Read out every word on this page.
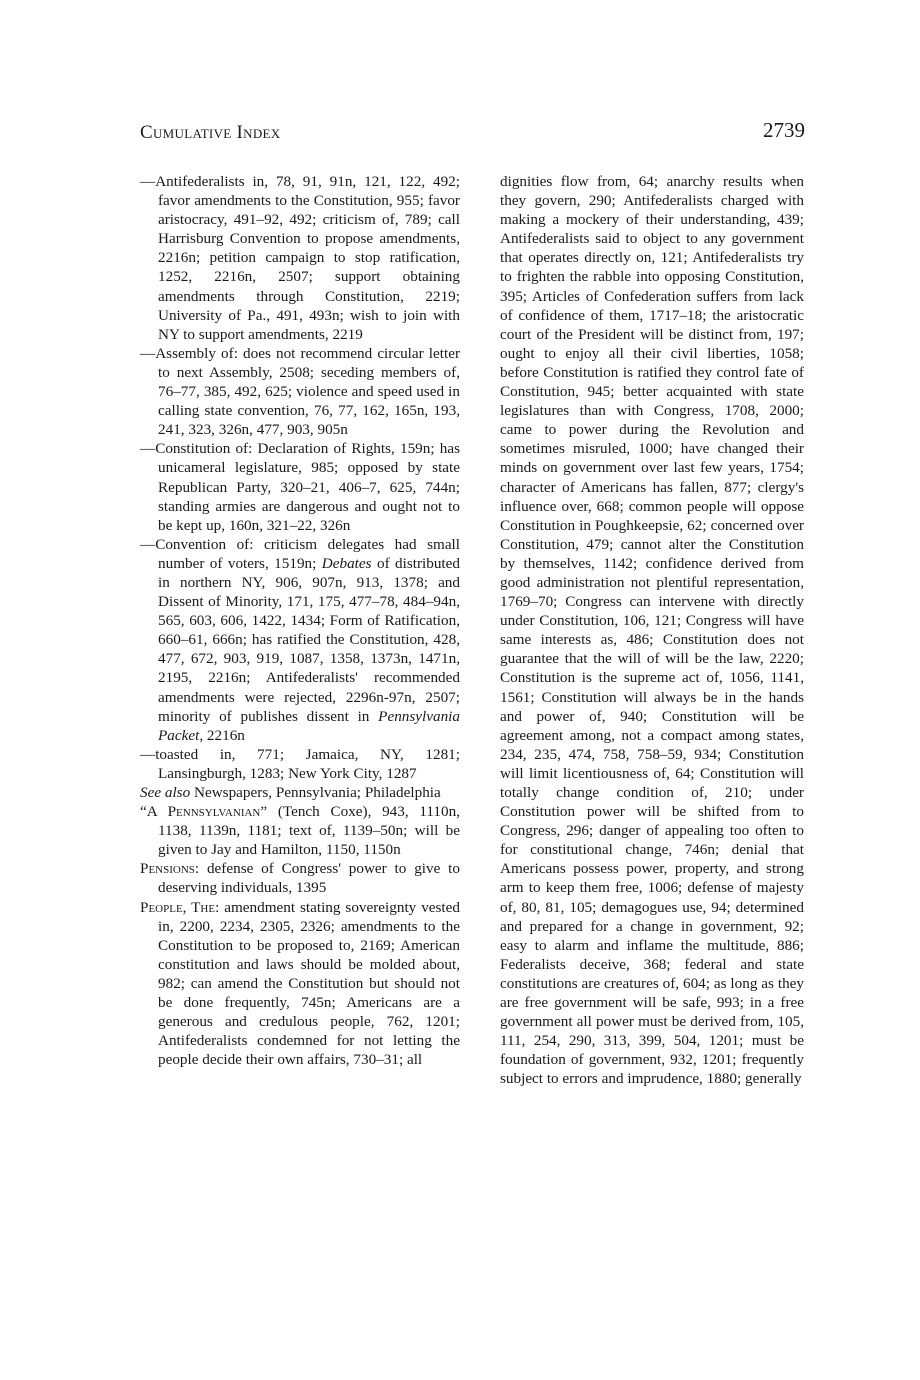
Cumulative Index	2739

—Antifederalists in, 78, 91, 91n, 121, 122, 492; favor amendments to the Constitution, 955; favor aristocracy, 491–92, 492; criticism of, 789; call Harrisburg Convention to propose amendments, 2216n; petition campaign to stop ratification, 1252, 2216n, 2507; support obtaining amendments through Constitution, 2219; University of Pa., 491, 493n; wish to join with NY to support amendments, 2219

—Assembly of: does not recommend circular letter to next Assembly, 2508; seceding members of, 76–77, 385, 492, 625; violence and speed used in calling state convention, 76, 77, 162, 165n, 193, 241, 323, 326n, 477, 903, 905n

—Constitution of: Declaration of Rights, 159n; has unicameral legislature, 985; opposed by state Republican Party, 320–21, 406–7, 625, 744n; standing armies are dangerous and ought not to be kept up, 160n, 321–22, 326n

—Convention of: criticism delegates had small number of voters, 1519n; Debates of distributed in northern NY, 906, 907n, 913, 1378; and Dissent of Minority, 171, 175, 477–78, 484–94n, 565, 603, 606, 1422, 1434; Form of Ratification, 660–61, 666n; has ratified the Constitution, 428, 477, 672, 903, 919, 1087, 1358, 1373n, 1471n, 2195, 2216n; Antifederalists' recommended amendments were rejected, 2296n-97n, 2507; minority of publishes dissent in Pennsylvania Packet, 2216n

—toasted in, 771; Jamaica, NY, 1281; Lansingburgh, 1283; New York City, 1287

See also Newspapers, Pennsylvania; Philadelphia

“A Pennsylvanian” (Tench Coxe), 943, 1110n, 1138, 1139n, 1181; text of, 1139–50n; will be given to Jay and Hamilton, 1150, 1150n

Pensions: defense of Congress' power to give to deserving individuals, 1395

People, The: amendment stating sovereignty vested in, 2200, 2234, 2305, 2326; amendments to the Constitution to be proposed to, 2169; American constitution and laws should be molded about, 982; can amend the Constitution but should not be done frequently, 745n; Americans are a generous and credulous people, 762, 1201; Antifederalists condemned for not letting the people decide their own affairs, 730–31; all

dignities flow from, 64; anarchy results when they govern, 290; Antifederalists charged with making a mockery of their understanding, 439; Antifederalists said to object to any government that operates directly on, 121; Antifederalists try to frighten the rabble into opposing Constitution, 395; Articles of Confederation suffers from lack of confidence of them, 1717–18; the aristocratic court of the President will be distinct from, 197; ought to enjoy all their civil liberties, 1058; before Constitution is ratified they control fate of Constitution, 945; better acquainted with state legislatures than with Congress, 1708, 2000; came to power during the Revolution and sometimes misruled, 1000; have changed their minds on government over last few years, 1754; character of Americans has fallen, 877; clergy's influence over, 668; common people will oppose Constitution in Poughkeepsie, 62; concerned over Constitution, 479; cannot alter the Constitution by themselves, 1142; confidence derived from good administration not plentiful representation, 1769–70; Congress can intervene with directly under Constitution, 106, 121; Congress will have same interests as, 486; Constitution does not guarantee that the will of will be the law, 2220; Constitution is the supreme act of, 1056, 1141, 1561; Constitution will always be in the hands and power of, 940; Constitution will be agreement among, not a compact among states, 234, 235, 474, 758, 758–59, 934; Constitution will limit licentiousness of, 64; Constitution will totally change condition of, 210; under Constitution power will be shifted from to Congress, 296; danger of appealing too often to for constitutional change, 746n; denial that Americans possess power, property, and strong arm to keep them free, 1006; defense of majesty of, 80, 81, 105; demagogues use, 94; determined and prepared for a change in government, 92; easy to alarm and inflame the multitude, 886; Federalists deceive, 368; federal and state constitutions are creatures of, 604; as long as they are free government will be safe, 993; in a free government all power must be derived from, 105, 111, 254, 290, 313, 399, 504, 1201; must be foundation of government, 932, 1201; frequently subject to errors and imprudence, 1880; generally
